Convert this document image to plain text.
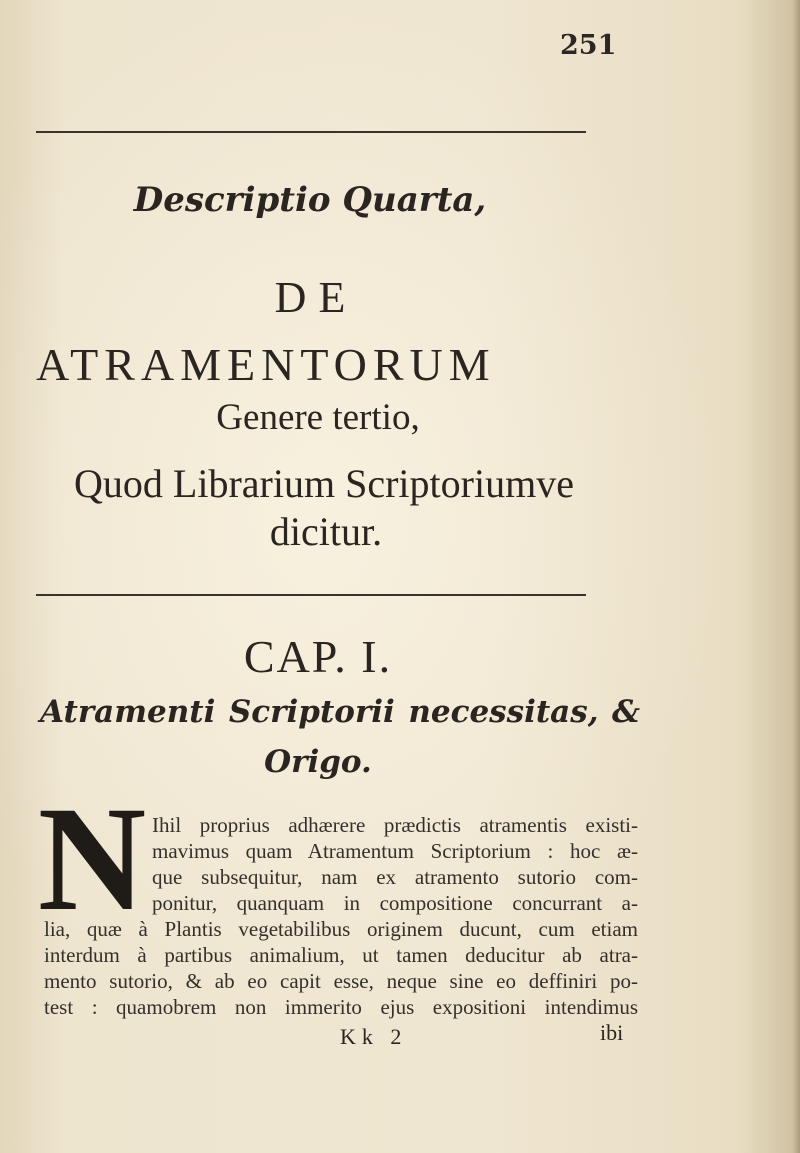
251
Descriptio Quarta,
DE
ATRAMENTORUM
Genere tertio,
Quod Librarium Scriptoriumve
dicitur.
CAP. I.
Atramenti Scriptorii necessitas, &
Origo.
N Ihil proprius adhærere prædictis atramentis existi-
mavimus quam Atramentum Scriptorium : hoc æ-
que subsequitur, nam ex atramento sutorio com-
ponitur, quanquam in compositione concurrant a-
lia, quæ à Plantis vegetabilibus originem ducunt, cum etiam
interdum à partibus animalium, ut tamen deducitur ab atra-
mento sutorio, & ab eo capit esse, neque sine eo deffiniri po-
test : quamobrem non immerito ejus expositioni intendimus
Kk 2	ibi
